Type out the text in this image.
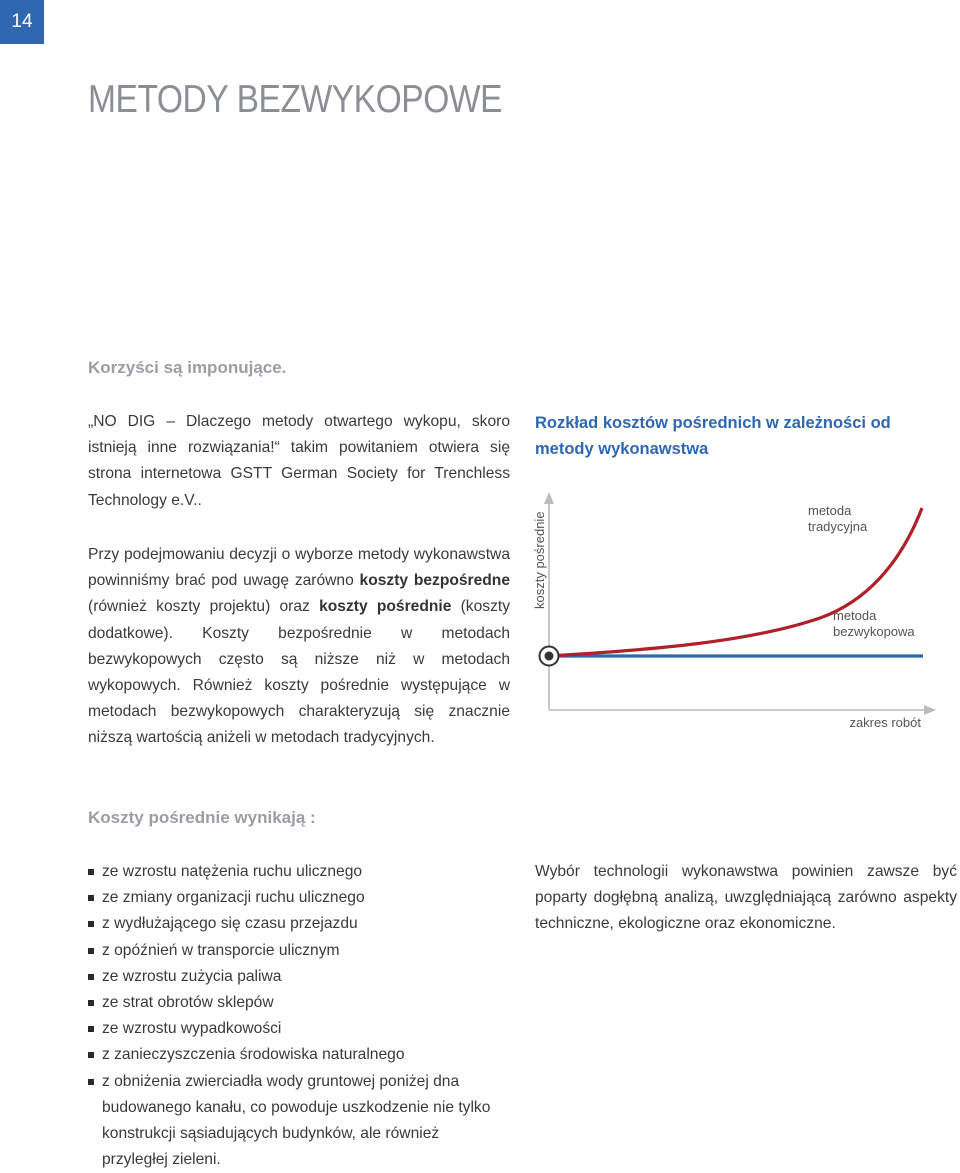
14
METODY BEZWYKOPOWE
Korzyści są imponujące.

„NO DIG – Dlaczego metody otwartego wykopu, skoro istnieją inne rozwiązania!“ takim powitaniem otwiera się strona internetowa GSTT German Society for Trenchless Technology e.V..

Przy podejmowaniu decyzji o wyborze metody wykonawstwa powinniśmy brać pod uwagę zarówno koszty bezpośredne (również koszty projektu) oraz koszty pośrednie (koszty dodatkowe). Koszty bezpośrednie w metodach bezwykopowych często są niższe niż w metodach wykopowych. Również koszty pośrednie występujące w metodach bezwykopowych charakteryzują się znacznie niższą wartością aniżeli w metodach tradycyjnych.

Rozkład kosztów pośrednich w zależności od metody wykonawstwa
koszty pośrednie
metoda tradycyjna
metoda bezwykopowa
zakres robót
Koszty pośrednie wynikają :
ze wzrostu natężenia ruchu ulicznego
ze zmiany organizacji ruchu ulicznego
z wydłużającego się czasu przejazdu
z opóźnień w transporcie ulicznym
ze wzrostu zużycia paliwa
ze strat obrotów sklepów
ze wzrostu wypadkowości
z zanieczyszczenia środowiska naturalnego
z obniżenia zwierciadła wody gruntowej poniżej dna budowanego kanału, co powoduje uszkodzenie nie tylko konstrukcji sąsiadujących budynków, ale również przyległej zieleni.

Wybór technologii wykonawstwa powinien zawsze być poparty dogłębną analizą, uwzględniającą zarówno aspekty techniczne, ekologiczne oraz ekonomiczne.
